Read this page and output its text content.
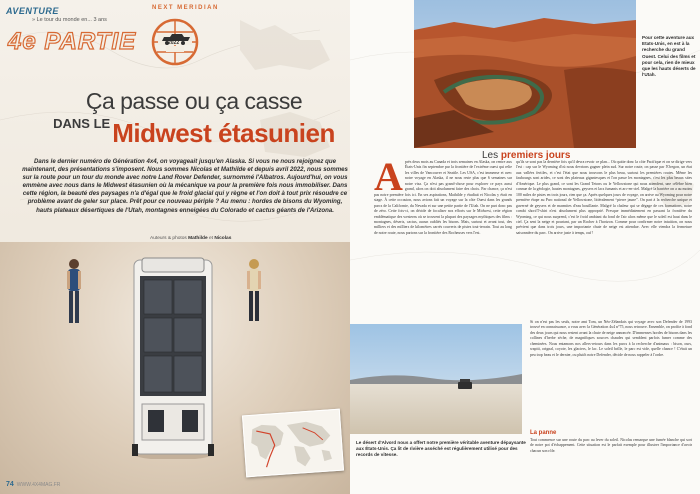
AVENTURE
» Le tour du monde en... 3 ans
4e PARTIE
NEXT MERIDIAN
2022
Ça passe ou ça casse
$^{DANS LE}$Midwest étasunien
Dans le dernier numéro de Génération 4x4, on voyageait jusqu'en Alaska. Si vous ne nous rejoignez que maintenant, des présentations s'imposent. Nous sommes Nicolas et Mathilde et depuis avril 2022, nous sommes sur la route pour un tour du monde avec notre Land Rover Defender, surnommé l'Albatros. Aujourd'hui, on vous emmène avec nous dans le Midwest étasunien où la mécanique va pour la première fois nous immobiliser. Dans cette région, la beauté des paysages n'a d'égal que le froid glacial qui y règne et l'on doit à tout prix résoudre ce problème avant de geler sur place. Prêt pour ce nouveau périple ? Au menu : hordes de bisons du Wyoming, hauts plateaux désertiques de l'Utah, montagnes enneigées du Colorado et cactus géants de l'Arizona.
Auteurs & photos Mathilde et Nicolas
74 WWW.4X4MAG.FR
Pour cette aventure aux Etats-Unis, en est à la recherche du grand Ouest. Celui des films et pour cela, rien de mieux que les hauts déserts de l'Utah.
Les premiers jours
A près deux mois au Canada et trois semaines en Alaska, on rentre aux États-Unis fin septembre par la frontière de l'extrême ouest qui relie les villes de Vancouver et Seattle. Les USA, c'est immense et avec notre voyage en Alaska, il ne nous reste plus que 6 semaines sur notre visa. Ça n'est pas grand-chose pour explorer ce pays aussi grand, alors on doit absolument faire des choix. Par chance, ça n'est pas notre première fois ici. En ses aspirations, Mathilde y étudiait et Nicolas y était en stage. À cette occasion, nous avions fait un voyage sur la côte Ouest dans les grands parcs de la Californie, du Nevada et sur une petite partie de l'Utah. On ne part donc pas de zéro. Cette fois-ci, on décide de focaliser nos efforts sur le Midwest, cette région emblématique des westerns où se trouvent la plupart des paysages mythiques des films : montagnes, déserts, cactus, aucun oubliés les bisons. Mais, surtout et avant tout, des milliers et des milliers de kilomètres carrés couverts de pistes tout-terrain. Tout au long de notre route, nous partons sur la frontière des Rocheuses vers l'est.
qu'ils se sont pas la dernière fois qu'il devra revoir ce plan... Où quitte donc la côte Pacifique et on se dirige vers l'est : cap sur le Wyoming d'où nous devrions gagner plein sud. Sur notre route, on passe par l'Oregon, un état aux vallées fertiles, et c'est l'état que nous trouvons le plus beau, surtout les premières routes. Même les faubourgs sont arides, ce sont des plateaux gigantesques et l'on passe les montagnes, c'est les plus beaux sites d'Amérique. Le plus grand, ce sont les Grand Tetons ou le Yellowstone qui nous attendent, une célèbre bien connue de la géologie, hautes montagnes, geysers et lacs fumants et arc-en-ciel. Malgré la barrière on a au moins 100 miles de pistes en trois jours, rien que ça. Après quelques jours de voyage, on arrive au Wyoming pour notre première étape au Parc national de Yellowstone, littéralement “pierre jaune”. On part à la recherche unique et gaverné de geysers et de marmites d'eau bouillante. Malgré la chaleur qui se dégage de ces formations, notre combi short/T-shirt n'est absolument plus approprié. Presque immédiatement en passant la frontière du Wyoming, ce qui nous surprend, c'est le froid ambiant du fond de l'air alors même que le soleil est haut dans le ciel. Ça sent la neige et pourtant, par un Rocher à l'horizon. Comme pour confirmer notre intuition, on nous prévient que dans trois jours, une importante chute de neige est attendue. Avec elle viendra la fermeture saisonnière du parc. On arrive juste à temps, ouf !
Le désert d'Alvord nous a offert notre première véritable aventure dépaysante aux États-Unis. Ça lit de rivière asséché est régulièrement utilisé pour des records de vitesse.
Si on n'est pas les seuls, notre ami Tom, un Néo-Zélandais qui voyage avec son Defender de 1993 trouvé en connaissance, a vous avec la Génération 4x4 n°75, nous retrouve. Ensemble, on profite à fond des deux jours qui nous restent avant la chute de neige annoncée. D'immenses hordes de bisons dans les collines d'herbe sèche, de magnifiques sources chaudes qui semblent parfois fumer comme des cheminées. Nous entamons nos allers-retours dans les parcs à la recherche d'animaux : bison, ours, wapiti, orignal, coyote, les glaciers, le lac. Le soleil brille, le parc est vide, quelle chance ! C'était un peu trop beau et le dernier, ou plutôt notre Defender, décide de nous rappeler à l'ordre.
La panne
Tout commence sur une route du parc au lever du soleil. Nicolas remarque une fumée blanche qui sort de notre pot d'échappement. Cette situation est le parfait exemple pour illustrer l'importance d'avoir chacun son rôle.
